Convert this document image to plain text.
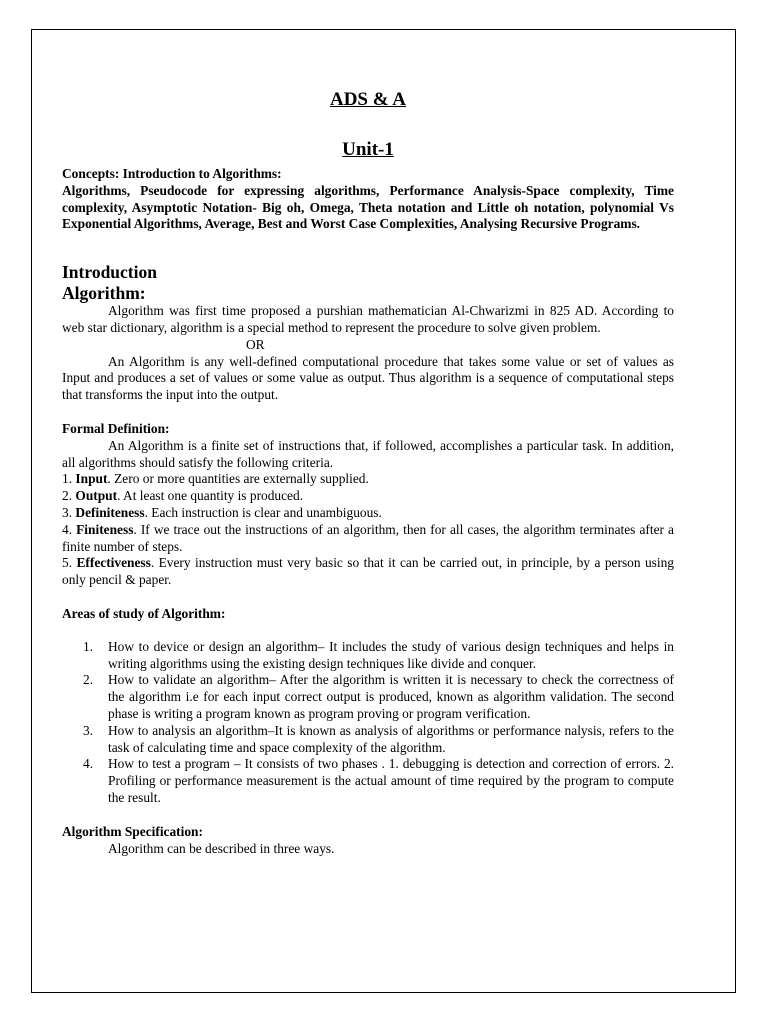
ADS & A
Unit-1
Concepts: Introduction to Algorithms:

Algorithms, Pseudocode for expressing algorithms, Performance Analysis-Space complexity, Time complexity, Asymptotic Notation- Big oh, Omega, Theta notation and Little oh notation, polynomial Vs Exponential Algorithms, Average, Best and Worst Case Complexities, Analysing Recursive Programs.

Introduction
Algorithm:

Algorithm was first time proposed a purshian mathematician Al-Chwarizmi in 825 AD. According to web star dictionary, algorithm is a special method to represent the procedure to solve given problem.

OR

An Algorithm is any well-defined computational procedure that takes some value or set of values as Input and produces a set of values or some value as output. Thus algorithm is a sequence of computational steps that transforms the input into the output.

Formal Definition:

An Algorithm is a finite set of instructions that, if followed, accomplishes a particular task. In addition, all algorithms should satisfy the following criteria.

1. Input. Zero or more quantities are externally supplied.

2. Output. At least one quantity is produced.

3. Definiteness. Each instruction is clear and unambiguous.

4. Finiteness. If we trace out the instructions of an algorithm, then for all cases, the algorithm terminates after a finite number of steps.

5. Effectiveness. Every instruction must very basic so that it can be carried out, in principle, by a person using only pencil & paper.

Areas of study of Algorithm:
1. How to device or design an algorithm– It includes the study of various design techniques and helps in writing algorithms using the existing design techniques like divide and conquer.
2. How to validate an algorithm– After the algorithm is written it is necessary to check the correctness of the algorithm i.e for each input correct output is produced, known as algorithm validation. The second phase is writing a program known as program proving or program verification.
3. How to analysis an algorithm–It is known as analysis of algorithms or performance nalysis, refers to the task of calculating time and space complexity of the algorithm.
4. How to test a program – It consists of two phases . 1. debugging is detection and correction of errors. 2. Profiling or performance measurement is the actual amount of time required by the program to compute the result.
Algorithm Specification:

Algorithm can be described in three ways.
